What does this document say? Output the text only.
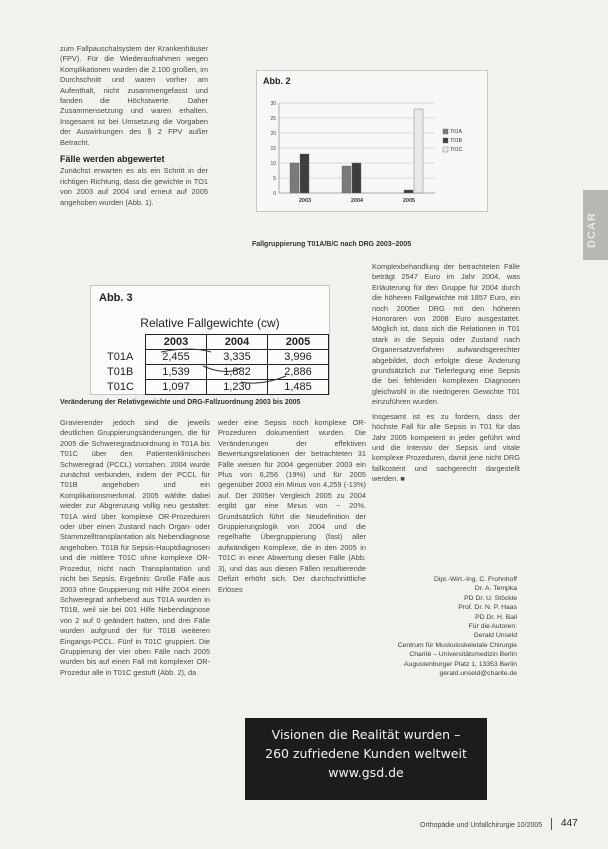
zum Fallpauschalsystem der Krankenhäuser (FPV). Für die Wiederaufnahmen wegen Komplikationen wurden die 2.100 großen, im Durchschnitt und waren vorher am Aufenthalt, nicht zusammengefasst und fanden die Höchstwerte. Daher Zusammensetzung und waren erhalten. Insgesamt ist bei Umsetzung die Vorgaben der Auswirkungen des § 2 FPV außer Betracht.

Fälle werden abgewertet

Zunächst erwarten es als ein Schritt in der richtigen Richtung, dass die gewichte in TO1 von 2003 auf 2004 und erneut auf 2005 angehoben wurden (Abb. 1).

Abb. 2
0
5
10
15
20
25
30
2003	2004	2005
T01A
T01B
T01C
Fallgruppierung T01A/B/C nach DRG 2003–2005	DCAR

Komplexbehandlung der betrachteten Fälle beträgt 2547 Euro im Jahr 2004, was Erläuterung für den Gruppe für 2004 durch die höheren Fallgewichte mit 1857 Euro, ein noch 2005er DRG mit den höheren Honoraren von 2008 Euro ausgestattet. Möglich ist, dass sich die Relationen in T01 stark in die Sepsis oder Zustand nach Organersatzverfahren aufwandsgerechter abgebildet, doch erfolgte diese Änderung grundsätzlich zur Tieferlegung eine Sepsis die bei fehlenden komplexen Diagnosen gleichwohl in die niedrigeren Gewichte T01 einzuführen wurden.

Insgesamt ist es zu fordern, dass der höchste Fall für alle Sepsis in T01 für das Jahr 2005 kompetent in jeder geführt wird und die Intensiv der Sepsis und vitale komplexe Prozeduren, damit jene nicht DRG fallkostent und sachgerecht dargestellt werden. ■

Abb. 3
Relative Fallgewichte (cw)
	2003	2004	2005
T01A	2,455	3,335	3,996
T01B	1,539	1,882	2,886
T01C	1,097	1,230	1,485
Veränderung der Relativgewichte und DRG-Fallzuordnung 2003 bis 2005

Gravierender jedoch sind die jeweils deutlichen Gruppierungsänderungen, die für 2005 die Schweregradzuordnung in T01A bis T01C über den Patientenklinischen Schweregrad (PCCL) vorsahen. 2004 wurde zunächst verbunden, indem der PCCL für T01B angehoben und ein Komplikationsmerkmal. 2005 wählte dabei wieder zur Abgrenzung vollig neu gestaltet: T01A wird über komplexe OR-Prozeduren oder über einen Zustand nach Organ- oder Stammzelltransplantation als Nebendiagnose angehoben. T01B für Sepsis-Hauptdiagnosen und die mittlere T01C ohne komplexe OR-Prozedur, nicht nach Transplantation und nicht bei Sepsis. Ergebnis: Große Fälle aus 2003 ohne Gruppierung mit Hilfe 2004 einen Schweregrad anhebend aus T01A wurden in T01B, weil sie bei 001 Hilfe Nebendiagnose von 2 auf 0 geändert hatten, und drei Fälle wurden aufgrund der für T01B weiteren Eingangs-PCCL. Fünf in T01C gruppiert. Die Gruppierung der vier oben Fälle nach 2005 wurden bis auf einen Fall mit komplexer OR-Prozedur alle in T01C gestuft (Abb. 2), da

weder eine Sepsis noch komplexe OR-Prozeduren dokumentiert wurden. Die Veränderungen der effektiven Bewertungsrelationen der betrachteten 31 Fälle weisen für 2004 gegenüber 2003 ein Plus von 6,256 (19%) und für 2005 gegenüber 2003 ein Minus von 4,259 (-13%) auf. Der 2005er Vergleich 2005 zu 2004 ergibt gar eine Minus von ~ 20%. Grundsätzlich führt die Neudefinition der Gruppierungslogik von 2004 und die regelhafte Übergruppierung (fast) aller aufwändigen Komplexe, die in den 2005 in T01C in einer Abwertung dieser Fälle (Abb. 3), und das aus diesen Fällen resultierende Defizit erhöht sich. Der durchschnittliche Erlöses

Dipl.-Wirt.-Ing. C. Frohnhoff
Dr. A. Tempka
PD Dr. U. Stöckle
Prof. Dr. N. P. Haas
PD Dr. H. Bail
Für die Autoren:
Gerald Unseld
Centrum für Muskuloskeletale Chirurgie
Charité – Universitätsmedizin Berlin
Augustenburger Platz 1, 13353 Berlin
gerald.unseld@charite.de
Visionen die Realität wurden –
260 zufriedene Kunden weltweit
www.gsd.de
Orthopädie und Unfallchirurgie 10/2005 447
